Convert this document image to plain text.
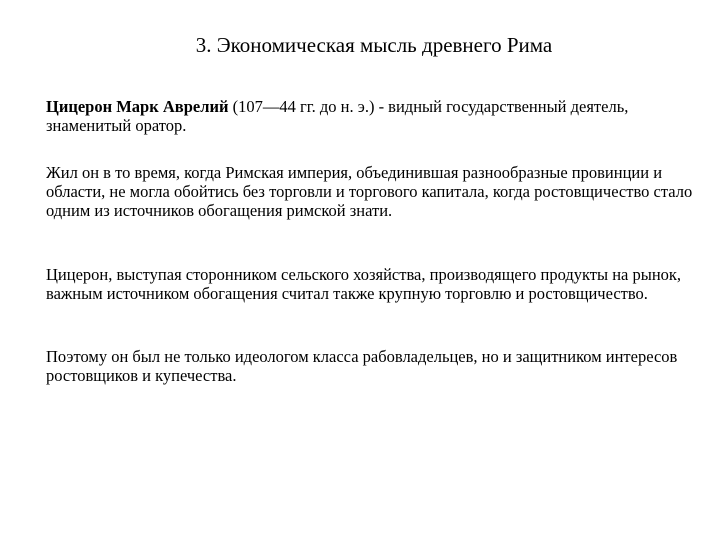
3. Экономическая мысль древнего Рима

Цицерон Марк Аврелий (107—44 гг. до н. э.) - видный государственный деятель, знаменитый оратор.

Жил он в то время, когда Римская империя, объединившая разнообразные провинции и области, не могла обойтись без торговли и торгового капитала, когда ростовщичество стало одним из источников обогащения римской знати.

Цицерон, выступая сторонником сельского хозяйства, производящего продукты на рынок, важным источником обогащения считал также крупную торговлю и ростовщичество.

Поэтому он был не только идеологом класса рабовладельцев, но и защитником интересов ростовщиков и купечества.
